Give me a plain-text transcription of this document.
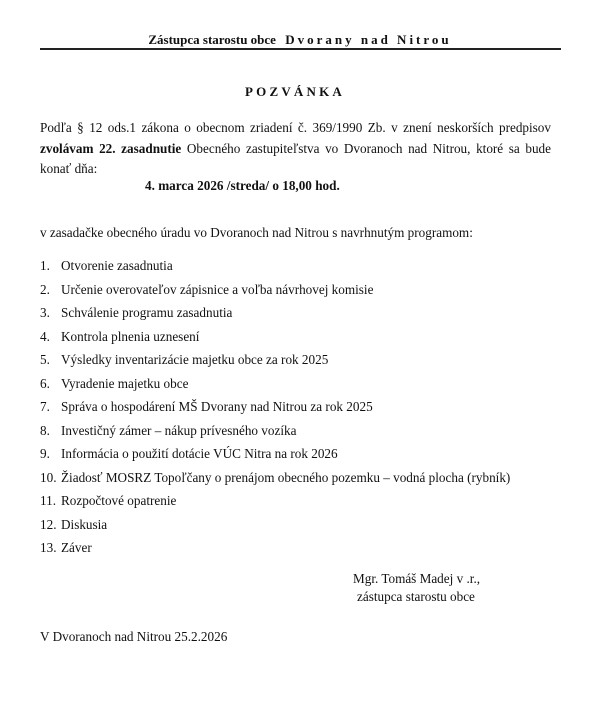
Zástupca starostu obce Dvorany nad Nitrou
POZVÁNKA
Podľa § 12 ods.1 zákona o obecnom zriadení č. 369/1990 Zb. v znení neskorších predpisov zvolávam 22. zasadnutie Obecného zastupiteľstva vo Dvoranoch nad Nitrou, ktoré sa bude konať dňa:
4. marca 2026 /streda/ o 18,00 hod.
v zasadačke obecného úradu vo Dvoranoch nad Nitrou s navrhnutým programom:
1. Otvorenie zasadnutia
2. Určenie overovateľov zápisnice a voľba návrhovej komisie
3. Schválenie programu zasadnutia
4. Kontrola plnenia uznesení
5. Výsledky inventarizácie majetku obce za rok 2025
6. Vyradenie majetku obce
7. Správa o hospodárení MŠ Dvorany nad Nitrou za rok 2025
8. Investičný zámer – nákup prívesného vozíka
9. Informácia o použití dotácie VÚC Nitra na rok 2026
10. Žiadosť MOSRZ Topoľčany o prenájom obecného pozemku – vodná plocha (rybník)
11. Rozpočtové opatrenie
12. Diskusia
13. Záver
Mgr. Tomáš Madej v .r.,
zástupca starostu obce
V Dvoranoch nad Nitrou 25.2.2026
